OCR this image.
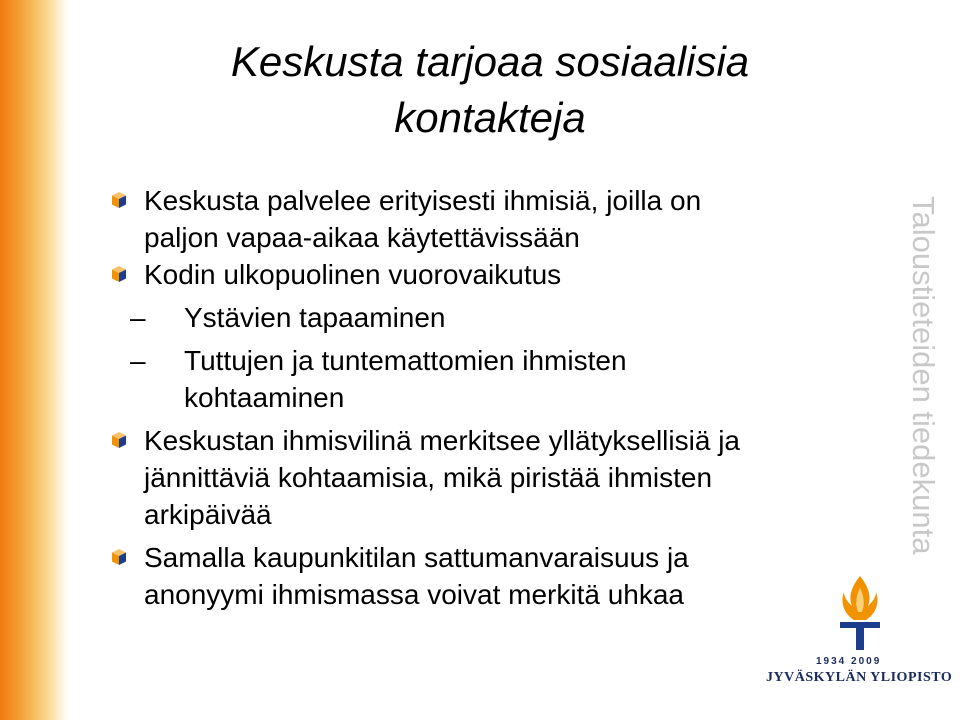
Keskusta tarjoaa sosiaalisia
kontakteja

Keskusta palvelee erityisesti ihmisiä, joilla on

paljon vapaa-aikaa käytettävissään

Kodin ulkopuolinen vuorovaikutus

– Ystävien tapaaminen

– Tuttujen ja tuntemattomien ihmisten

kohtaaminen

Keskustan ihmisvilinä merkitsee yllätyksellisiä ja

jännittäviä kohtaamisia, mikä piristää ihmisten

arkipäivää

Samalla kaupunkitilan sattumanvaraisuus ja

anonyymi ihmismassa voivat merkitä uhkaa

Taloustieteiden tiedekunta
1934 2009
JYVÄSKYLÄN YLIOPISTO
